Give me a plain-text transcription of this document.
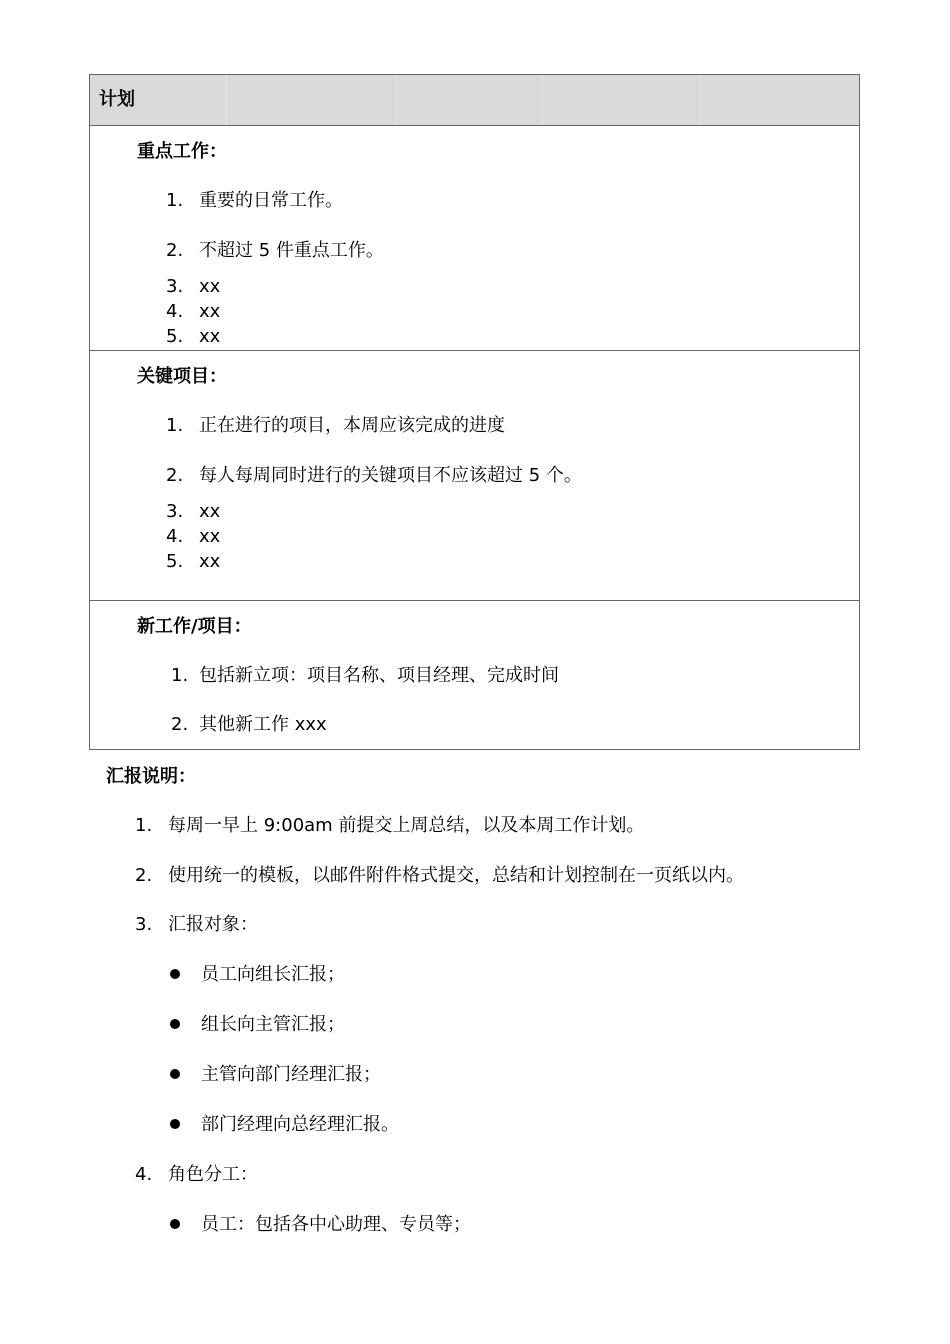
计划
重点工作：
1. 重要的日常工作。
2. 不超过 5 件重点工作。
3. xx
4. xx
5. xx
关键项目：
1. 正在进行的项目，本周应该完成的进度
2. 每人每周同时进行的关键项目不应该超过 5 个。
3. xx
4. xx
5. xx
新工作/项目：
1. 包括新立项：项目名称、项目经理、完成时间
2. 其他新工作 xxx
汇报说明：
1. 每周一早上 9:00am 前提交上周总结，以及本周工作计划。
2. 使用统一的模板，以邮件附件格式提交，总结和计划控制在一页纸以内。
3. 汇报对象：
员工向组长汇报；
组长向主管汇报；
主管向部门经理汇报；
部门经理向总经理汇报。
4. 角色分工：
员工：包括各中心助理、专员等；
